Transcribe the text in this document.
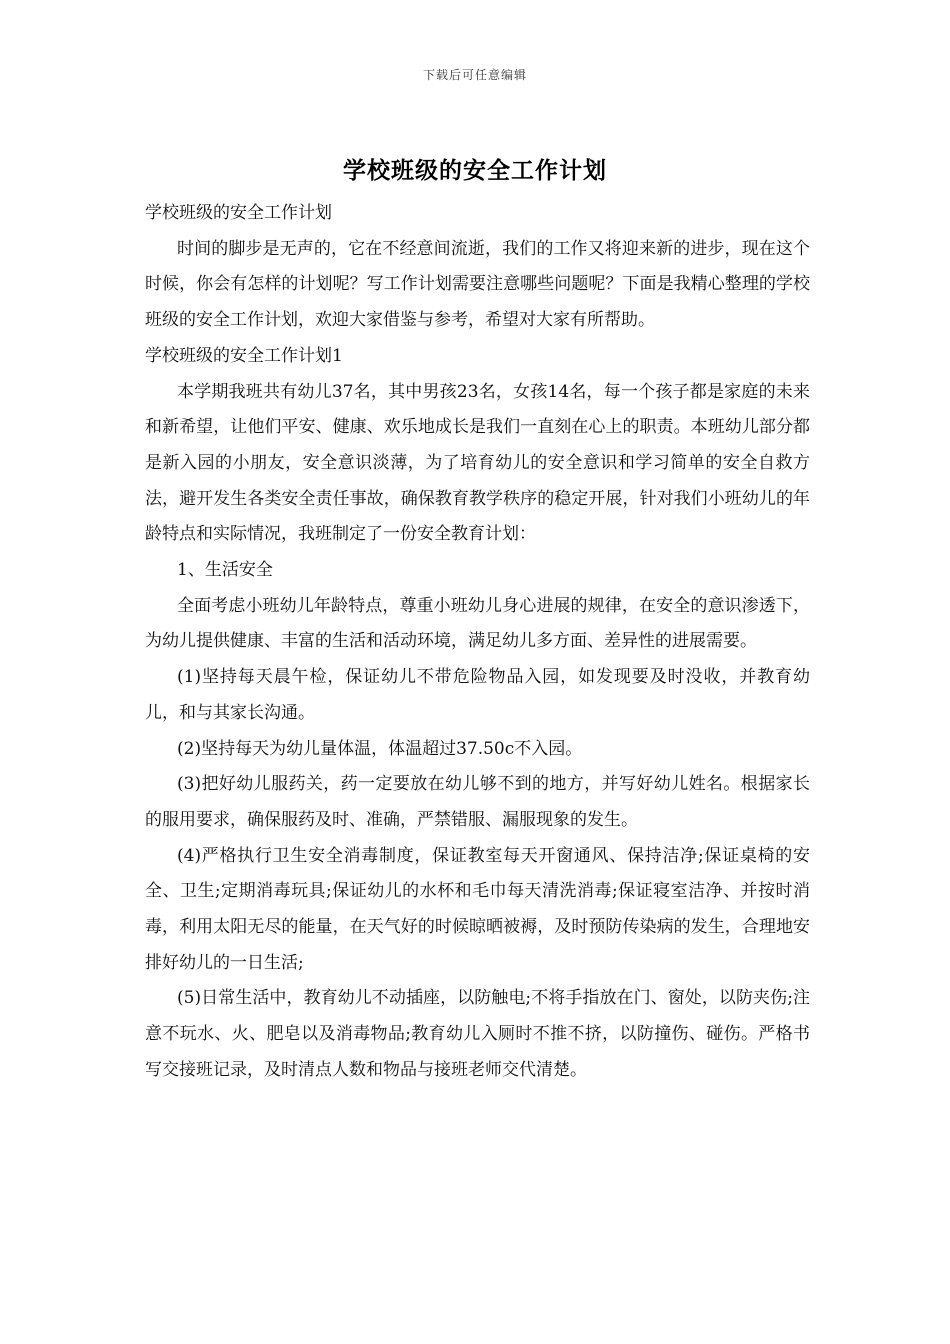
下载后可任意编辑
学校班级的安全工作计划

学校班级的安全工作计划

时间的脚步是无声的，它在不经意间流逝，我们的工作又将迎来新的进步，现在这个时候，你会有怎样的计划呢？写工作计划需要注意哪些问题呢？下面是我精心整理的学校班级的安全工作计划，欢迎大家借鉴与参考，希望对大家有所帮助。

学校班级的安全工作计划1

本学期我班共有幼儿37名，其中男孩23名，女孩14名，每一个孩子都是家庭的未来和新希望，让他们平安、健康、欢乐地成长是我们一直刻在心上的职责。本班幼儿部分都是新入园的小朋友，安全意识淡薄，为了培育幼儿的安全意识和学习简单的安全自救方法，避开发生各类安全责任事故，确保教育教学秩序的稳定开展，针对我们小班幼儿的年龄特点和实际情况，我班制定了一份安全教育计划：

1、生活安全

全面考虑小班幼儿年龄特点，尊重小班幼儿身心进展的规律，在安全的意识渗透下，为幼儿提供健康、丰富的生活和活动环境，满足幼儿多方面、差异性的进展需要。

(1)坚持每天晨午检，保证幼儿不带危险物品入园，如发现要及时没收，并教育幼儿，和与其家长沟通。

(2)坚持每天为幼儿量体温，体温超过37.50c不入园。

(3)把好幼儿服药关，药一定要放在幼儿够不到的地方，并写好幼儿姓名。根据家长的服用要求，确保服药及时、准确，严禁错服、漏服现象的发生。

(4)严格执行卫生安全消毒制度，保证教室每天开窗通风、保持洁净;保证桌椅的安全、卫生;定期消毒玩具;保证幼儿的水杯和毛巾每天清洗消毒;保证寝室洁净、并按时消毒，利用太阳无尽的能量，在天气好的时候晾晒被褥，及时预防传染病的发生，合理地安排好幼儿的一日生活;

(5)日常生活中，教育幼儿不动插座，以防触电;不将手指放在门、窗处，以防夹伤;注意不玩水、火、肥皂以及消毒物品;教育幼儿入厕时不推不挤，以防撞伤、碰伤。严格书写交接班记录，及时清点人数和物品与接班老师交代清楚。
